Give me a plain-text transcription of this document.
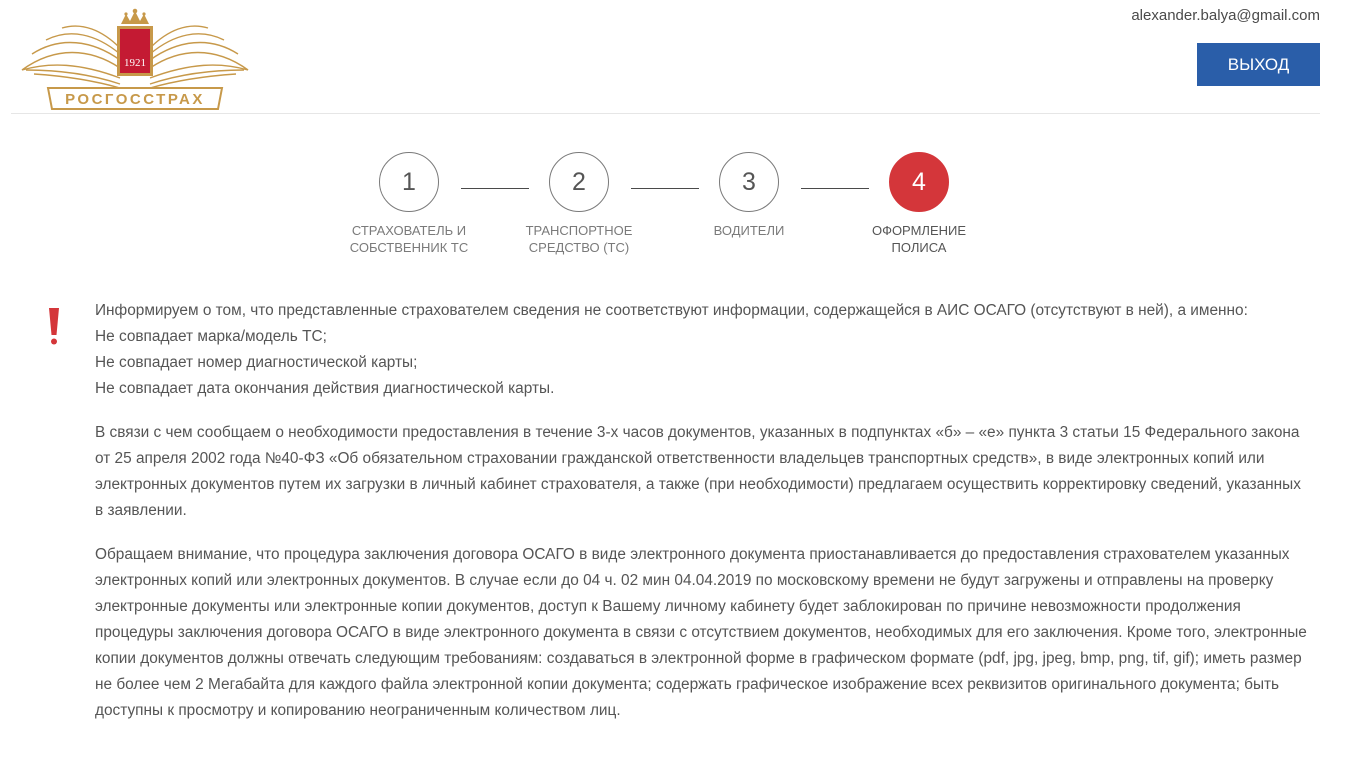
1921
РОСГОССТРАХ
alexander.balya@gmail.com
ВЫХОД
1
СТРАХОВАТЕЛЬ И
СОБСТВЕННИК ТС
2
ТРАНСПОРТНОЕ
СРЕДСТВО (ТС)
3
ВОДИТЕЛИ
4
ОФОРМЛЕНИЕ
ПОЛИСА

Информируем о том, что представленные страхователем сведения не соответствуют информации, содержащейся в АИС ОСАГО (отсутствуют в ней), а именно:
Не совпадает марка/модель ТС;
Не совпадает номер диагностической карты;
Не совпадает дата окончания действия диагностической карты.

В связи с чем сообщаем о необходимости предоставления в течение 3-х часов документов, указанных в подпунктах «б» – «е» пункта 3 статьи 15 Федерального закона от 25 апреля 2002 года №40-ФЗ «Об обязательном страховании гражданской ответственности владельцев транспортных средств», в виде электронных копий или электронных документов путем их загрузки в личный кабинет страхователя, а также (при необходимости) предлагаем осуществить корректировку сведений, указанных в заявлении.

Обращаем внимание, что процедура заключения договора ОСАГО в виде электронного документа приостанавливается до предоставления страхователем указанных электронных копий или электронных документов. В случае если до 04 ч. 02 мин 04.04.2019 по московскому времени не будут загружены и отправлены на проверку электронные документы или электронные копии документов, доступ к Вашему личному кабинету будет заблокирован по причине невозможности продолжения процедуры заключения договора ОСАГО в виде электронного документа в связи с отсутствием документов, необходимых для его заключения. Кроме того, электронные копии документов должны отвечать следующим требованиям: создаваться в электронной форме в графическом формате (pdf, jpg, jpeg, bmp, png, tif, gif); иметь размер не более чем 2 Мегабайта для каждого файла электронной копии документа; содержать графическое изображение всех реквизитов оригинального документа; быть доступны к просмотру и копированию неограниченным количеством лиц.
